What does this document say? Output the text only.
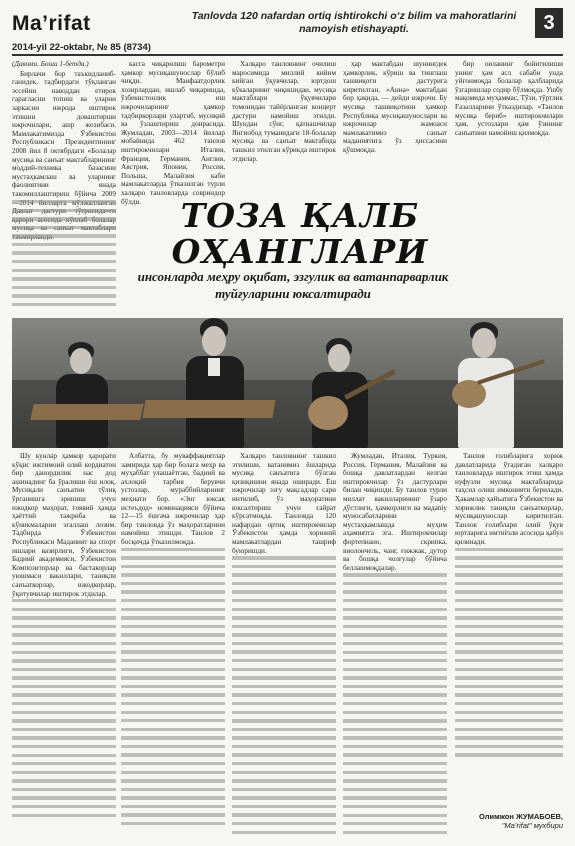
Ma’rifat	Tanlovda 120 nafardan ortiq ishtirokchi o‘z bilim va mahoratlarini namoyish etishayapti.	3
2014-yil 22-oktabr, № 85 (8734)

(Давоми. Боши 1-бетда.)

Бирлачи бор таъкидланибганидек, тадбирдаги тўқланган эссейни наводдан етирок гарагласни топиш ва уларни заркасни ижрода иштирок этишни доваштирши ижрочилари, ашр жозибаси. Мамлакатимизда Ўзбекистон Республикаси Президентининг 2008 йил 8 октябрдаги «Болалар мусиқа ва санъат мактабларининг моддий-техника базасини мустаҳкамлаш ва уларнинг фаолиятини янада такомиллаштириш бўйича 2009

касга чиқарилиш барометри ҳамкор мусиқашунослар бўлиб чиқди. Манфаатдорлик хозирлардан, ишлаб чиқаришда, ўзбекистонлик иш ижрочиларнинг ҳамкор тадбиркорлари улартиб, мусиқий ва ўзлаштириш доирасида. Жумладан, 2003—2014 йиллар мобайнида 462 танлов иштирокчилари Италия, Франция, Германия, Англия, Австрия, Япония, Россия, Польша, Малайзия каби мамлакатларда ўтказилган турли халқаро танловларда совриндор бўлди.

Халқаро танловнинг очилиш маросимида миллий кийим кийган ўқувчилар, юртдош кўкаларнинг чиқишидан, мусиқа мактаблари ўқувчилари томонидан тайёрланган концерт дастури намойиш этилди. Шундан сўнг, қатнашчилар Янгиобод туманидаги 18-болалар мусиқа ва санъат мактабида ташкил этилган кўрикда иштирок этдилар.

ҳар мактабдан шунингдек ҳамкорлик, кўриш ва тинглаш ташвиқоти дастурига киритилган. «Анна» мактабдан бор ҳақида, — дейди ижрочи. Бу мусиқа ташвиқотини ҳамкор Республика мусиқашунослари ва ижрочилар жамоаси мамлакатимиз санъат маданиятига ўз ҳиссасини қўшмоқда.

бир оиланинг бойитилиши унинг ҳам асл сабаби унда уйғонмоқда болалар қалбларида ўзгаришлар содир бўлмоқда. Ушбу мақомида муҳаммас, Тўзи, тўртлик Ғазалларини ўтказдилар. «Танлов мусиқа бериб» иштирокчилари ҳам, устозлари ҳам ўзининг санъатини намойиш қилмоқда.

ТОЗА ҚАЛБ
ОҲАНГЛАРИ
инсонларда меҳру оқибат, эзгулик ва ватанпарварлик туйғуларини юксалтиради

Шу кунлар ҳамкор ҳарорати кўқис ижтимоий олий кордиатон бир данордилик нас дод ашинадинг ба ўралиши ёш илоқ. Мусиқали санъатни тўлиқ ўрганишга эришиш учун ижодкор маҳорат, ғоявий ҳамда ҳаёттий тажриба ва кўникмаларни эгаллаш лозим. Тадбирда Ўзбекистон Республикаси Маданият ва спорт ишлари вазирлиги, Ўзбекистон Бадиий академияси, Ўзбекистон Композиторлар ва бастакорлар уюшмаси вакиллари, таниқли санъаткорлар, ижодкорлар, ўқитувчилар иштирок этдилар.

Албатта, бу муваффақиятлар замирида ҳар бир болага меҳр ва муҳаббат улашаётган, бадиий ва ахлоқий тарбия берувчи устозлар, мураббийларнинг меҳнати бор. «Энг юксак истеъдод» номинацияси бўйича 12—15 ёшгача ижрочилар ҳар бир танловда ўз маҳоратларини намойиш этишди. Танлов 2 босқичда ўтказилмоқда.

Халқаро танловнинг ташкил этилиши, ватанимиз ёшларида мусиқа санъатига бўлган қизиқишни янада оширади. Ёш ижрочилар эзгу мақсадлар сари интилиб, ўз маҳоратини юксалтириш учун ғайрат кўрсатмоқда. Танловда 120 нафардан ортиқ иштирокчилар Ўзбекистон ҳамда хорижий мамлакатлардан ташриф буюришди.

Жумладан, Италия, Туркия, Россия, Германия, Малайзия ва бошқа давлатлардан келган иштирокчилар ўз дастурлари билан чиқишди. Бу танлов турли миллат вакилларининг ўзаро дўстлиги, ҳамкорлиги ва мадaniy муносабатларини мустаҳкамлашда муҳим аҳамиятга эга. Иштирокчилар фортепиано, скрипка, виолончель, чанг, ғижжак, дутор ва бошқа чолғулар бўйича беллашмоқдалар.

Танлов голибларига хориж давлатларида ўтадиган халқаро танловларда иштирок этиш ҳамда нуфузли мусиқа мактабларида таҳсил олиш имконияти берилади. Ҳакамлар ҳайъатига Ўзбекистон ва хорижлик таниқли санъаткорлар, мусиқашунослар киритилган. Танлов ғолиблари олий ўқув юртларига имтиёзли асосида қабул қилинади.

Олимжон ЖУМАБОЕВ,
"Ma’rifat" мухбири
